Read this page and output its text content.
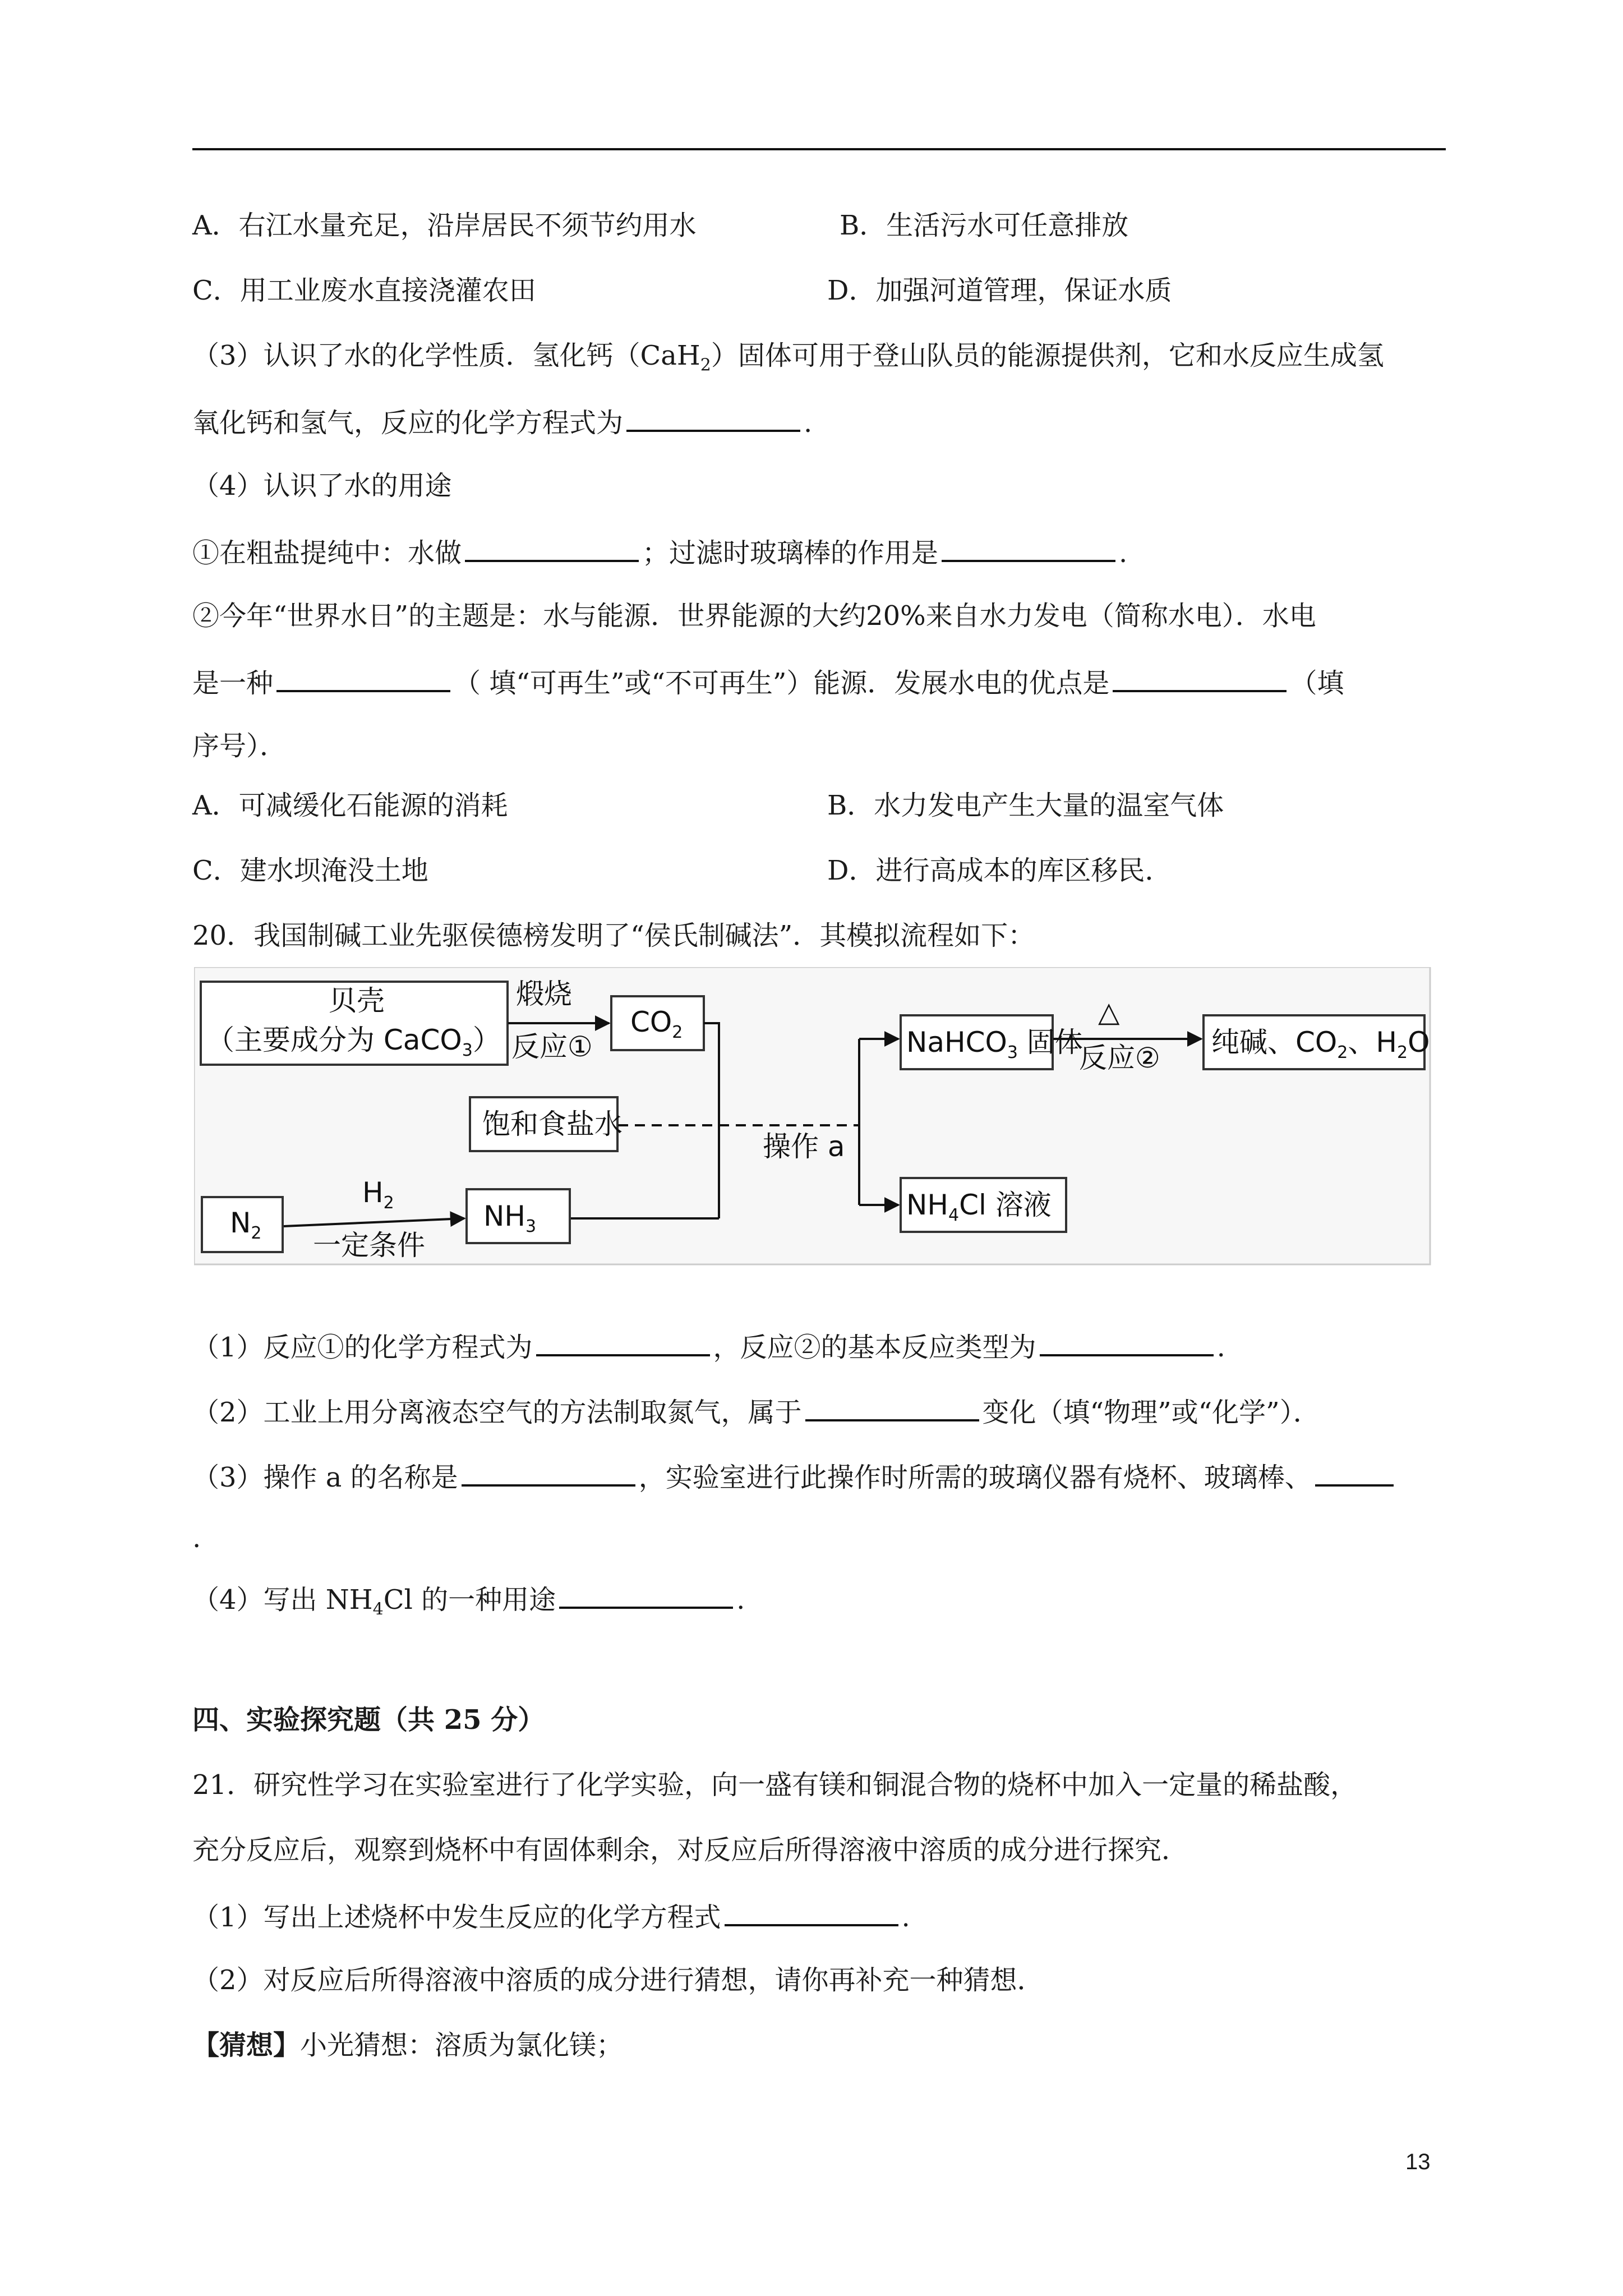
A．右江水量充足，沿岸居民不须节约用水	B．生活污水可任意排放
C．用工业废水直接浇灌农田	D．加强河道管理，保证水质
（3）认识了水的化学性质．氢化钙（CaH$_2$）固体可用于登山队员的能源提供剂，它和水反应生成氢
氧化钙和氢气，反应的化学方程式为	.
（4）认识了水的用途
①在粗盐提纯中：水做	；过滤时玻璃棒的作用是	.
②今年“世界水日”的主题是：水与能源．世界能源的大约20%来自水力发电（简称水电）．水电
是一种	（ 填“可再生”或“不可再生”）能源．发展水电的优点是	（填
序号）．
A．可减缓化石能源的消耗	B．水力发电产生大量的温室气体
C．建水坝淹没土地	D．进行高成本的库区移民．
20．我国制碱工业先驱侯德榜发明了“侯氏制碱法”．其模拟流程如下：
贝壳
（主要成分为 CaCO$_3$）
煅烧
反应①
$CO_2$
饱和食盐水
操作 a
NaHCO$_3$ 固体
△
反应② 纯碱、$CO_2$、$H_2O$
$N_2$
$H_2$
一定条件
$NH_3$
$NH_4Cl$ 溶液
（1）反应①的化学方程式为	，反应②的基本反应类型为	.
（2）工业上用分离液态空气的方法制取氮气，属于	变化（填“物理”或“化学”）．
（3）操作 a 的名称是	，实验室进行此操作时所需的玻璃仪器有烧杯、玻璃棒、
.
（4）写出 $NH_4Cl$ 的一种用途	.
四、实验探究题（共 25 分）
21．研究性学习在实验室进行了化学实验，向一盛有镁和铜混合物的烧杯中加入一定量的稀盐酸，
充分反应后，观察到烧杯中有固体剩余，对反应后所得溶液中溶质的成分进行探究．
（1）写出上述烧杯中发生反应的化学方程式	.
（2）对反应后所得溶液中溶质的成分进行猜想，请你再补充一种猜想．
【猜想】小光猜想：溶质为氯化镁；
13
